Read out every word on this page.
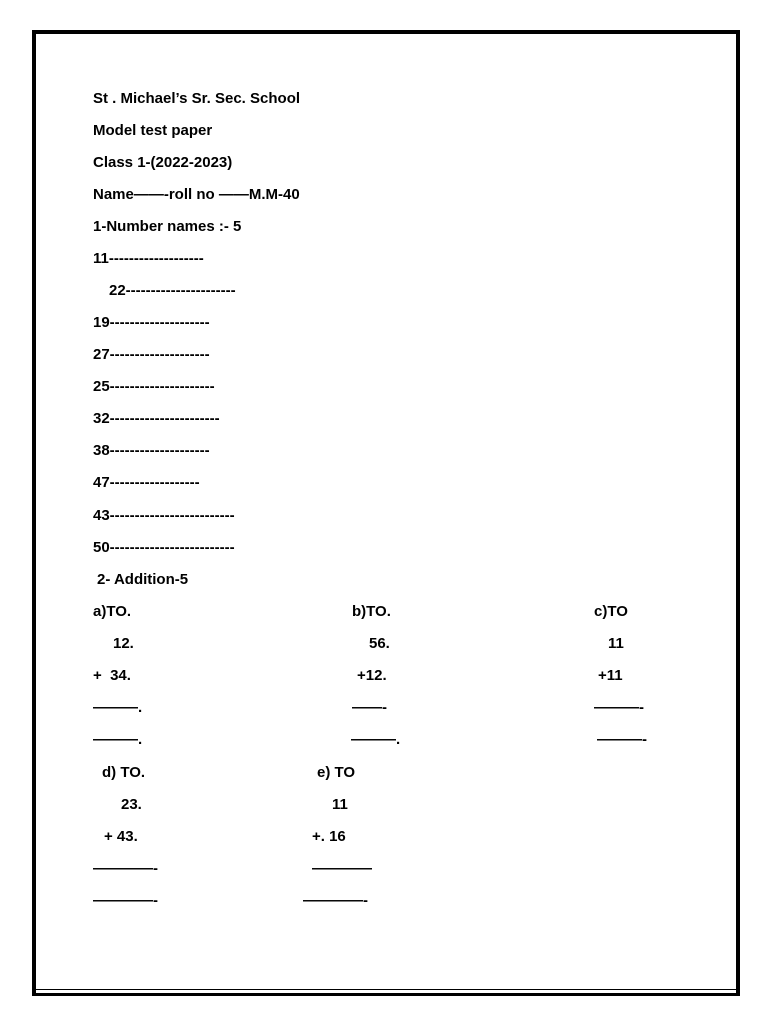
St . Michael’s Sr. Sec. School
Model test paper
Class 1-(2022-2023)
Name——-roll no ——M.M-40
1-Number names :- 5
11-------------------
22----------------------
19--------------------
27--------------------
25---------------------
32----------------------
38--------------------
47------------------
43-------------------------
50-------------------------
2- Addition-5
a)TO.
12.
+  34.
———.
———.
b)TO.
56.
+12.
——-
———.
c)TO
11
+11
———-
———-
d) TO.
23.
+ 43.
————-
————-
e) TO
11
+. 16
————
————-
